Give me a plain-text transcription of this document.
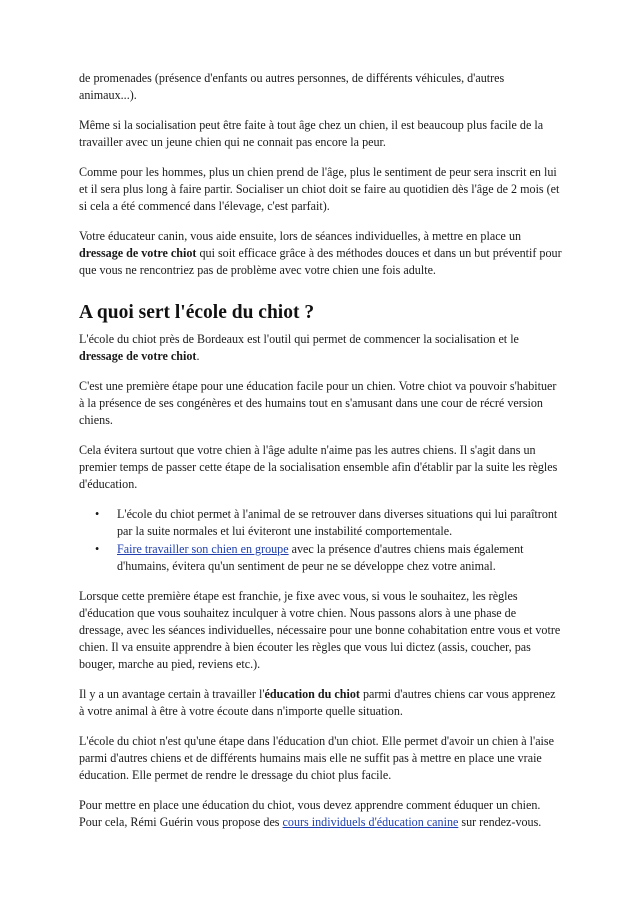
de promenades (présence d'enfants ou autres personnes, de différents véhicules, d'autres animaux...).

Même si la socialisation peut être faite à tout âge chez un chien, il est beaucoup plus facile de la travailler avec un jeune chien qui ne connait pas encore la peur.

Comme pour les hommes, plus un chien prend de l'âge, plus le sentiment de peur sera inscrit en lui et il sera plus long à faire partir. Socialiser un chiot doit se faire au quotidien dès l'âge de 2 mois (et si cela a été commencé dans l'élevage, c'est parfait).

Votre éducateur canin, vous aide ensuite, lors de séances individuelles, à mettre en place un dressage de votre chiot qui soit efficace grâce à des méthodes douces et dans un but préventif pour que vous ne rencontriez pas de problème avec votre chien une fois adulte.

A quoi sert l'école du chiot ?

L'école du chiot près de Bordeaux est l'outil qui permet de commencer la socialisation et le dressage de votre chiot.

C'est une première étape pour une éducation facile pour un chien. Votre chiot va pouvoir s'habituer à la présence de ses congénères et des humains tout en s'amusant dans une cour de récré version chiens.

Cela évitera surtout que votre chien à l'âge adulte n'aime pas les autres chiens. Il s'agit dans un premier temps de passer cette étape de la socialisation ensemble afin d'établir par la suite les règles d'éducation.

• L'école du chiot permet à l'animal de se retrouver dans diverses situations qui lui paraîtront par la suite normales et lui éviteront une instabilité comportementale.
• Faire travailler son chien en groupe avec la présence d'autres chiens mais également d'humains, évitera qu'un sentiment de peur ne se développe chez votre animal.

Lorsque cette première étape est franchie, je fixe avec vous, si vous le souhaitez, les règles d'éducation que vous souhaitez inculquer à votre chien. Nous passons alors à une phase de dressage, avec les séances individuelles, nécessaire pour une bonne cohabitation entre vous et votre chien. Il va ensuite apprendre à bien écouter les règles que vous lui dictez (assis, coucher, pas bouger, marche au pied, reviens etc.).

Il y a un avantage certain à travailler l'éducation du chiot parmi d'autres chiens car vous apprenez à votre animal à être à votre écoute dans n'importe quelle situation.

L'école du chiot n'est qu'une étape dans l'éducation d'un chiot. Elle permet d'avoir un chien à l'aise parmi d'autres chiens et de différents humains mais elle ne suffit pas à mettre en place une vraie éducation. Elle permet de rendre le dressage du chiot plus facile.

Pour mettre en place une éducation du chiot, vous devez apprendre comment éduquer un chien. Pour cela, Rémi Guérin vous propose des cours individuels d'éducation canine sur rendez-vous.
